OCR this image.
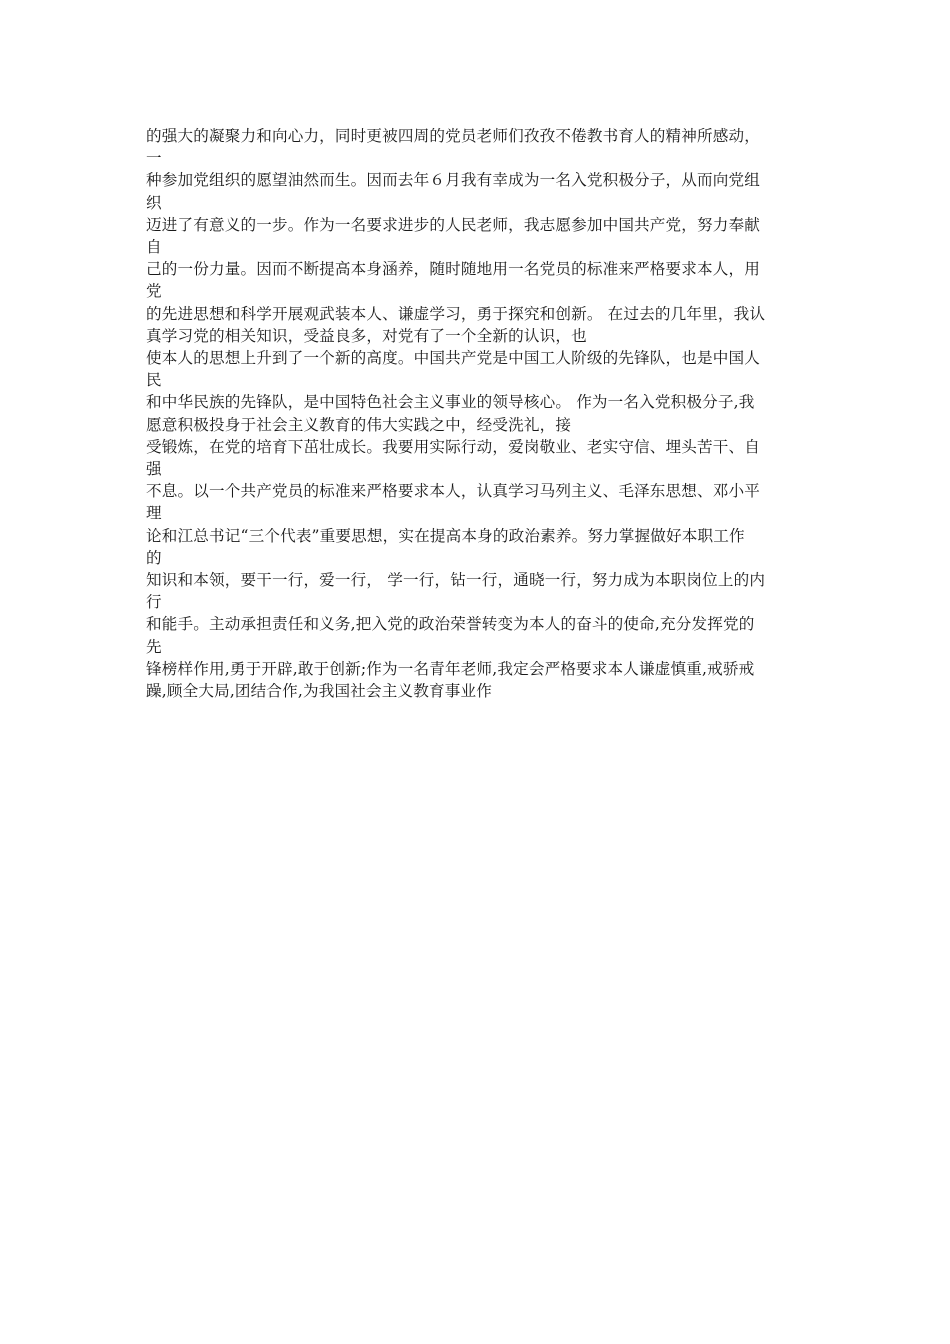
的强大的凝聚力和向心力，同时更被四周的党员老师们孜孜不倦教书育人的精神所感动，
一
种参加党组织的愿望油然而生。因而去年６月我有幸成为一名入党积极分子，从而向党组
织
迈进了有意义的一步。作为一名要求进步的人民老师，我志愿参加中国共产党，努力奉献
自
己的一份力量。因而不断提高本身涵养，随时随地用一名党员的标准来严格要求本人，用
党
的先进思想和科学开展观武装本人、谦虚学习，勇于探究和创新。 在过去的几年里，我认
真学习党的相关知识，受益良多，对党有了一个全新的认识，也
使本人的思想上升到了一个新的高度。中国共产党是中国工人阶级的先锋队，也是中国人
民
和中华民族的先锋队，是中国特色社会主义事业的领导核心。 作为一名入党积极分子,我
愿意积极投身于社会主义教育的伟大实践之中，经受洗礼，接
受锻炼，在党的培育下茁壮成长。我要用实际行动，爱岗敬业、老实守信、埋头苦干、自
强
不息。以一个共产党员的标准来严格要求本人，认真学习马列主义、毛泽东思想、邓小平
理
论和江总书记“三个代表”重要思想，实在提高本身的政治素养。努力掌握做好本职工作
的
知识和本领，要干一行，爱一行， 学一行，钻一行，通晓一行，努力成为本职岗位上的内
行
和能手。主动承担责任和义务,把入党的政治荣誉转变为本人的奋斗的使命,充分发挥党的
先
锋榜样作用,勇于开辟,敢于创新;作为一名青年老师,我定会严格要求本人谦虚慎重,戒骄戒
躁,顾全大局,团结合作,为我国社会主义教育事业作
